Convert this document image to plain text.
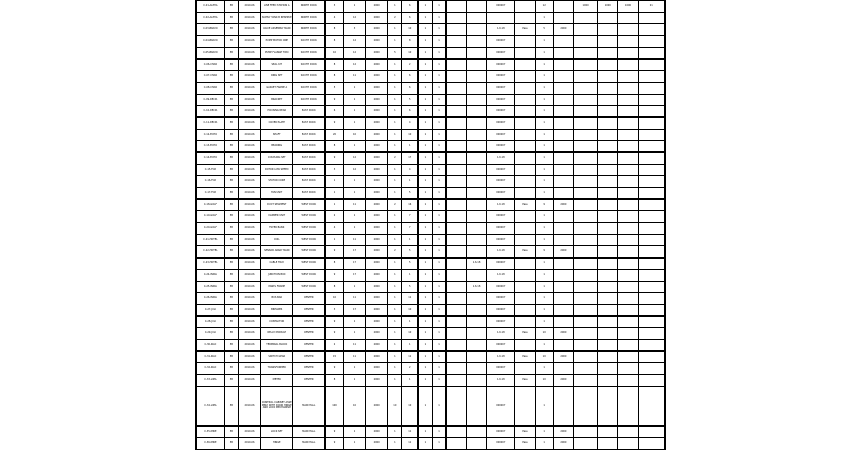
C-01-ALPHA	5B	2019-06	LINE FEED STATION A	NORTH DOCK	3	1	2000	1	6	1	1			000007		12		1000	1000	1000	21
C-02-ALPHA	5B	2019-06	SUPPLY TANK B RESERVE	NORTH DOCK	4	12	2000	2	6	1	1					1					
C-03-BRAVO	5B	2019-06	VALVE ASSEMBLY MAIN	NORTH DOCK	8	3	2000	1	10	1	1			1.6.18	Pass	5	2000				
C-04-BRAVO	5B	2019-06	PUMP MOTOR ONE	SOUTH DOCK	8	12	2000	1	8	1	1			000007		1					
C-05-BRAVO	5B	2019-06	PUMP FLANGE TWO	SOUTH DOCK	10	12	2000	5	10	1	1			000007		1					
C-06-CHAR	5B	2019-06	SEAL KIT	SOUTH DOCK	8	12	2000	1	2	1	1			000007		1					
C-07-CHAR	5B	2019-06	RING SET	SOUTH DOCK	8	11	2000	1	6	1	1			000007		1					
C-08-CHAR	5B	2019-06	GASKET FRAME A	SOUTH DOCK	5	1	2000	1	6	1	1			000007		1					
C-09-DELTA	5B	2019-06	BRACKET	SOUTH DOCK	9	1	2000	1	5	1	1			000007		1					
C-10-DELTA	5B	2019-06	HOUSING REAR	EAST DOCK	6	1	2000	1	6	1	1			000007		1					
C-11-DELTA	5B	2019-06	COVER PLATE	EAST DOCK	9	1	2000	1	4	1	1			000007		1					
C-12-ECHO	5B	2019-06	SHAFT	EAST DOCK	20	10	2000	1	10	1	1			000007		1					
C-13-ECHO	5B	2019-06	BEARING	EAST DOCK	8	1	2000	1	1	1	1			000007		1					
C-14-ECHO	5B	2019-06	COUPLING SET	EAST DOCK	9	12	2000	2	17	1	1			1.6.18		1					
C-15-FOX	5B	2019-06	ROTOR LOW SPEED	EAST DOCK	3	12	2000	1	4	1	1			000007		1					
C-16-FOX	5B	2019-06	STATOR CORE	EAST DOCK	1	1	2000	1	1	1	1			000007		1					
C-17-FOX	5B	2019-06	FAN UNIT	EAST DOCK	1	1	2000	1	5	1	1			000007		1					
C-18-GOLF	5B	2019-06	DUCT SEGMENT	WEST DOCK	1	11	2000	2	16	1	1			1.6.18	Pass	9	2000				
C-19-GOLF	5B	2019-06	DAMPER UNIT	WEST DOCK	2	1	2000	1	7	1	1			000007		1					
C-20-GOLF	5B	2019-06	FILTER BANK	WEST DOCK	4	1	2000	1	7	1	1			000007		1					
C-21-HOTEL	5B	2019-06	COIL	WEST DOCK	1	11	2000	1	1	1	1			000007		1					
C-22-HOTEL	5B	2019-06	SENSOR ARRAY MAIN	WEST DOCK	9	17	2000	2	5	1	1			1.6.18	Pass	9	2000				
C-23-HOTEL	5B	2019-06	CABLE TRAY	WEST DOCK	8	17	2000	1	5	1	1		1.6.18	000007		1					
C-24-INDIA	5B	2019-06	JUNCTION BOX	WEST DOCK	9	17	2000	1	1	1	1			1.6.18		1					
C-25-INDIA	5B	2019-06	PANEL FRAME	WEST DOCK	8	1	2000	1	5	1	1		1.6.18	000007		1					
C-26-INDIA	5B	2019-06	BUS BAR	CENTER	10	11	2000	1	11	1	1			000007		1					
C-27-JULI	5B	2019-06	BREAKER	CENTER	3	17	2000	1	10	1	1			000007		1					
C-28-JULI	5B	2019-06	CONTACTOR	CENTER	9	1	2000	1	1	1	1			000007		1					
C-29-JULI	5B	2019-06	RELAY MODULE	CENTER	9	1	2000	1	10	1	1			1.6.18	Pass	10	2000				
C-30-KILO	5B	2019-06	TERMINAL BLOCK	CENTER	2	11	2000	1	1	1	1			000007		1					
C-31-KILO	5B	2019-06	SWITCH GEAR	CENTER	15	11	2000	1	11	1	1			1.6.18	Pass	10	2000				
C-32-KILO	5B	2019-06	TRANSFORMER	CENTER	9	1	2000	1	2	1	1			000007		1					
C-33-LIMA	5B	2019-06	METER	CENTER	8	1	2000	1	1	1	1			1.6.18	Pass	10	2000				
C-34-LIMA	5B	2019-06	CONTROL CABINET ASSEMBLY WITH DOOR HINGE AND LOCK MECHANISM	MAIN HALL	100	10	2000	10	10	1	1			000007		1					
C-35-MIKE	5B	2019-06	LOCK SET	MAIN HALL	9	1	2000	1	11	1	1			000007	Pass	1	2000				
C-36-MIKE	5B	2019-06	HINGE	MAIN HALL	9	1	2000	1	11	1	1			000007	Pass	1	2000				
